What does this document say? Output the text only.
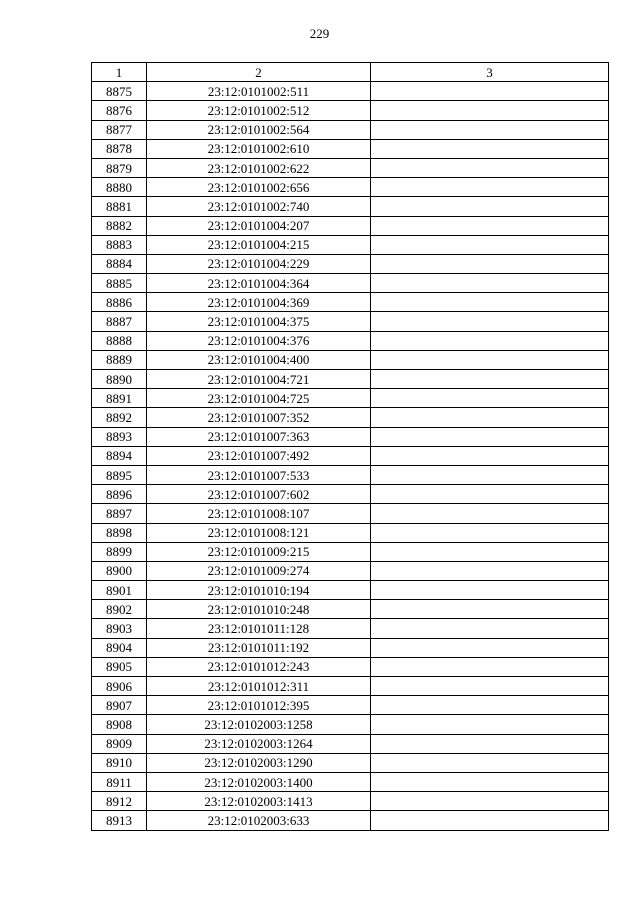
229
1	2	3
8875	23:12:0101002:511	
8876	23:12:0101002:512	
8877	23:12:0101002:564	
8878	23:12:0101002:610	
8879	23:12:0101002:622	
8880	23:12:0101002:656	
8881	23:12:0101002:740	
8882	23:12:0101004:207	
8883	23:12:0101004:215	
8884	23:12:0101004:229	
8885	23:12:0101004:364	
8886	23:12:0101004:369	
8887	23:12:0101004:375	
8888	23:12:0101004:376	
8889	23:12:0101004:400	
8890	23:12:0101004:721	
8891	23:12:0101004:725	
8892	23:12:0101007:352	
8893	23:12:0101007:363	
8894	23:12:0101007:492	
8895	23:12:0101007:533	
8896	23:12:0101007:602	
8897	23:12:0101008:107	
8898	23:12:0101008:121	
8899	23:12:0101009:215	
8900	23:12:0101009:274	
8901	23:12:0101010:194	
8902	23:12:0101010:248	
8903	23:12:0101011:128	
8904	23:12:0101011:192	
8905	23:12:0101012:243	
8906	23:12:0101012:311	
8907	23:12:0101012:395	
8908	23:12:0102003:1258	
8909	23:12:0102003:1264	
8910	23:12:0102003:1290	
8911	23:12:0102003:1400	
8912	23:12:0102003:1413	
8913	23:12:0102003:633	
